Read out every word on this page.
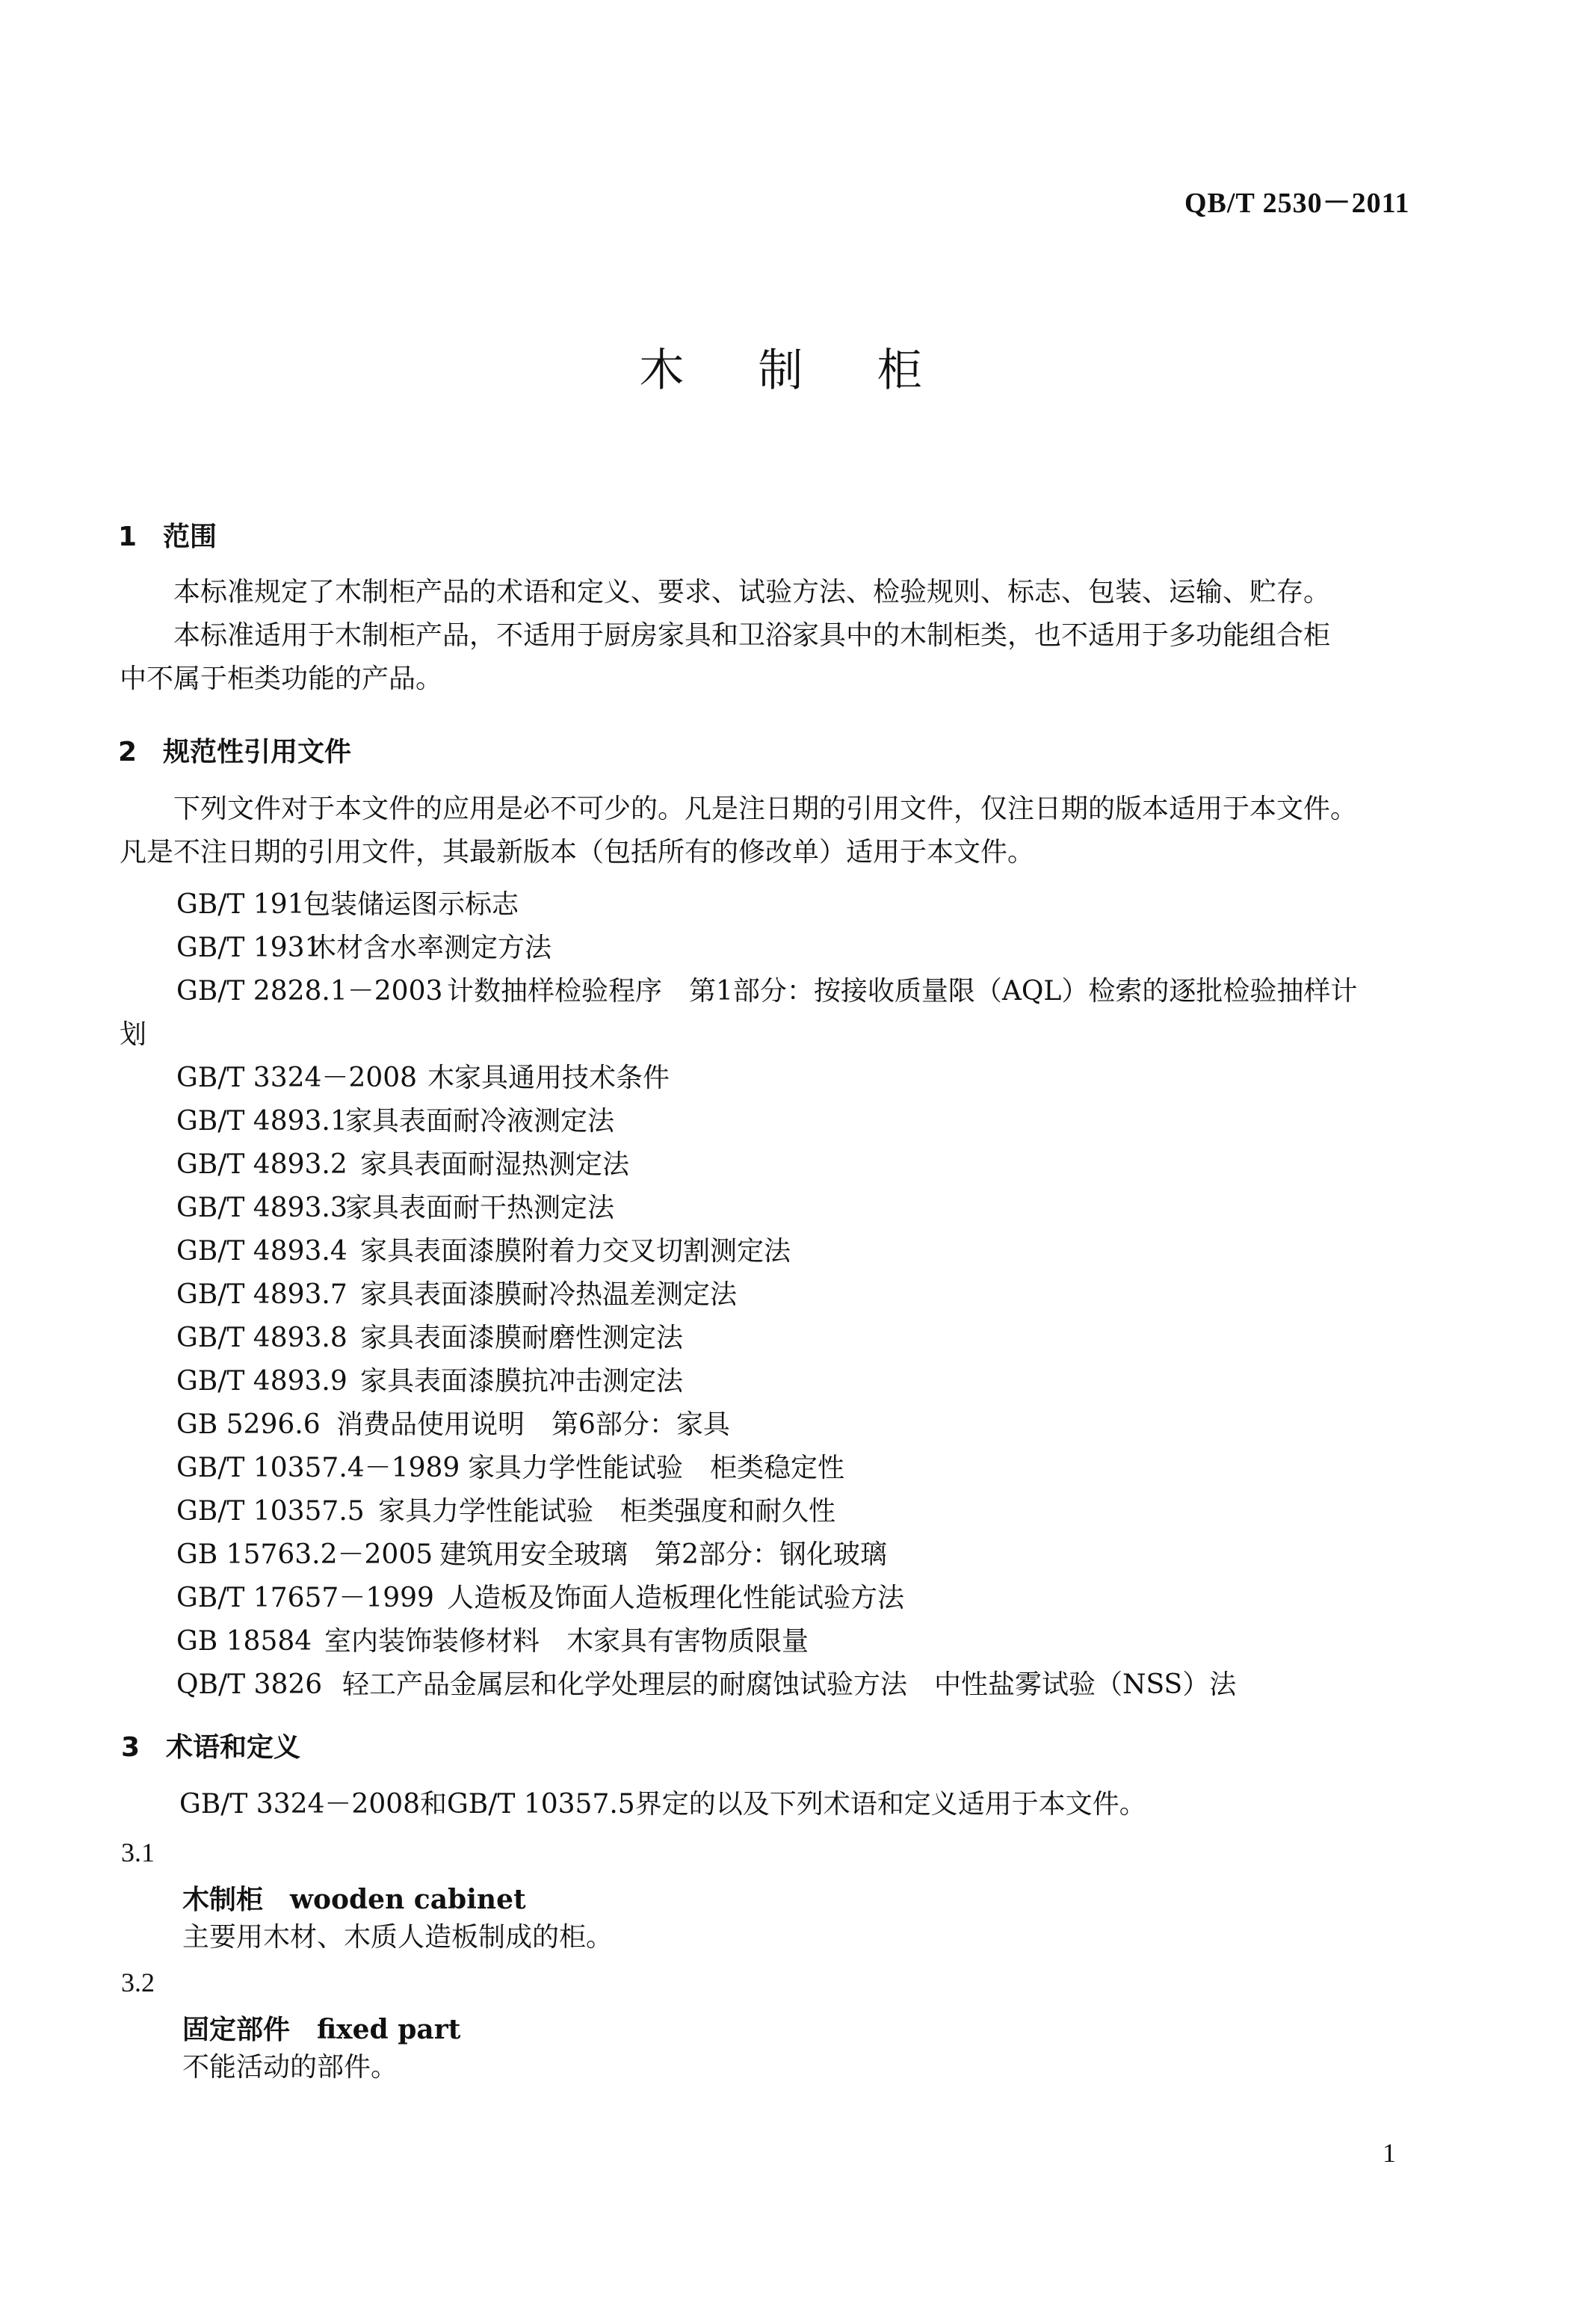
QB/T 2530－2011
木 制 柜
1 范围
本标准规定了木制柜产品的术语和定义、要求、试验方法、检验规则、标志、包装、运输、贮存。
本标准适用于木制柜产品，不适用于厨房家具和卫浴家具中的木制柜类，也不适用于多功能组合柜
中不属于柜类功能的产品。
2 规范性引用文件
下列文件对于本文件的应用是必不可少的。凡是注日期的引用文件，仅注日期的版本适用于本文件。
凡是不注日期的引用文件，其最新版本（包括所有的修改单）适用于本文件。
GB/T 191包装储运图示标志
GB/T 1931木材含水率测定方法
GB/T 2828.1－2003 计数抽样检验程序　第1部分：按接收质量限（AQL）检索的逐批检验抽样计
划
GB/T 3324－2008 木家具通用技术条件
GB/T 4893.1家具表面耐冷液测定法
GB/T 4893.2 家具表面耐湿热测定法
GB/T 4893.3家具表面耐干热测定法
GB/T 4893.4 家具表面漆膜附着力交叉切割测定法
GB/T 4893.7 家具表面漆膜耐冷热温差测定法
GB/T 4893.8 家具表面漆膜耐磨性测定法
GB/T 4893.9 家具表面漆膜抗冲击测定法
GB 5296.6 消费品使用说明　第6部分：家具
GB/T 10357.4－1989 家具力学性能试验　柜类稳定性
GB/T 10357.5 家具力学性能试验　柜类强度和耐久性
GB 15763.2－2005 建筑用安全玻璃　第2部分：钢化玻璃
GB/T 17657－1999 人造板及饰面人造板理化性能试验方法
GB 18584 室内装饰装修材料　木家具有害物质限量
QB/T 3826 轻工产品金属层和化学处理层的耐腐蚀试验方法　中性盐雾试验（NSS）法
3 术语和定义
GB/T 3324－2008和GB/T 10357.5界定的以及下列术语和定义适用于本文件。
3.1
木制柜　wooden cabinet
主要用木材、木质人造板制成的柜。
3.2
固定部件　fixed part
不能活动的部件。
1
